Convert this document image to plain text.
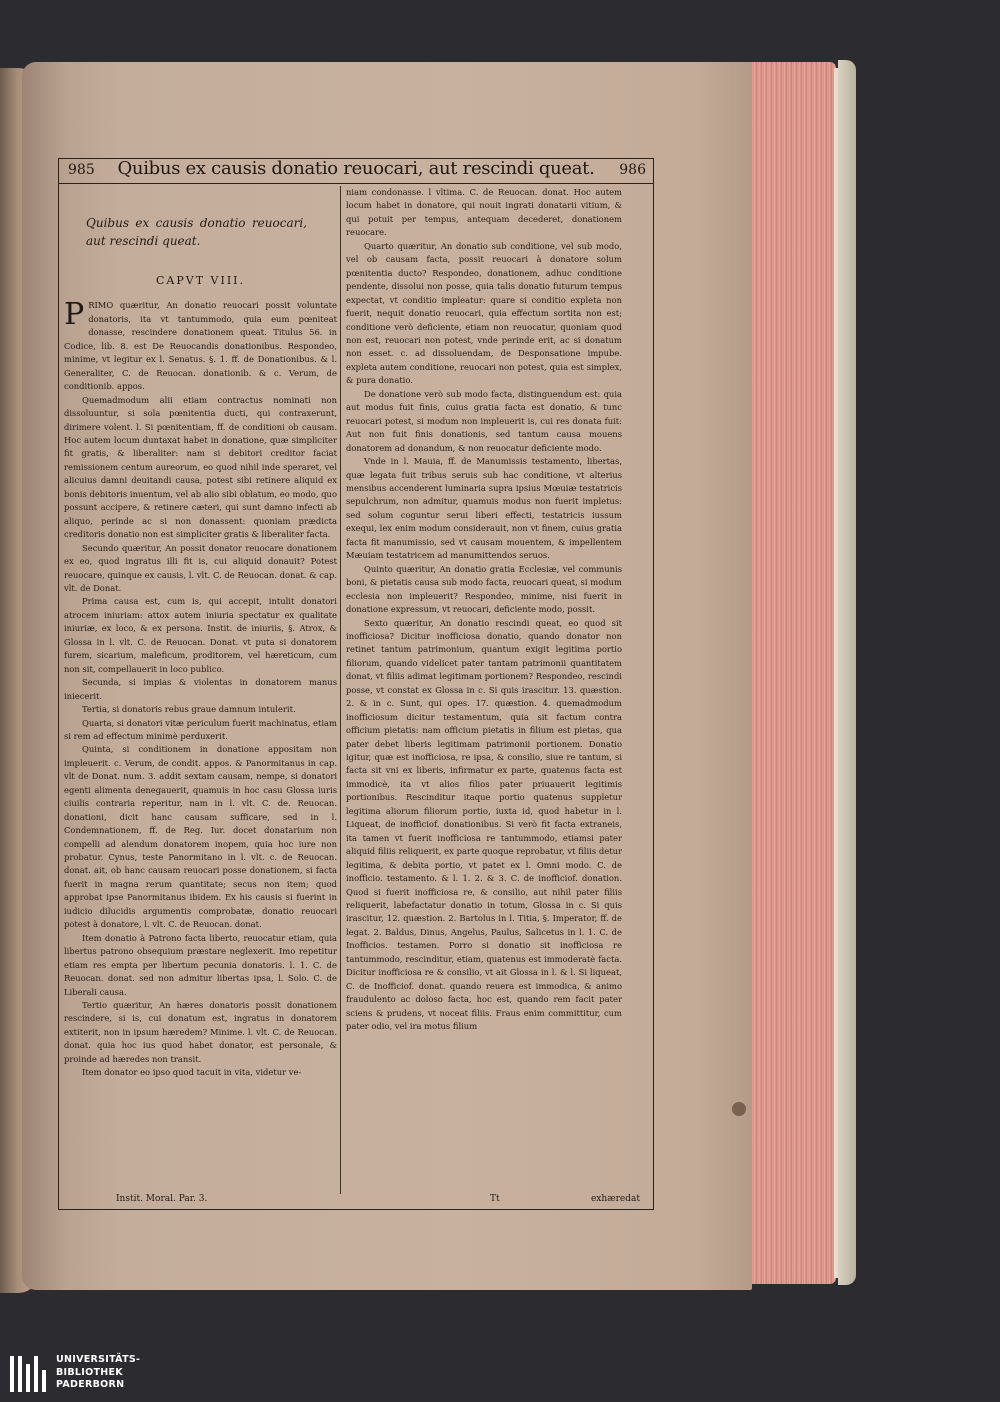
985	Quibus ex causis donatio reuocari, aut rescindi queat.	986
Quibus ex causis donatio reuocari, aut rescindi queat.
CAPVT VIII.

PRIMO quæritur, An donatio reuocari possit voluntate donatoris, ita vt tantummodo, quia eum pœniteat donasse, rescindere donationem queat. Titulus 56. in Codice, lib. 8. est De Reuocandis donationibus. Respondeo, minime, vt legitur ex l. Senatus. §. 1. ff. de Donationibus. & l. Generaliter, C. de Reuocan. donationib. & c. Verum, de conditionib. appos.

Quemadmodum alii etiam contractus nominati non dissoluuntur, si sola pœnitentia ducti, qui contraxerunt, dirimere volent. l. Si pœnitentiam, ff. de conditioni ob causam. Hoc autem locum duntaxat habet in donatione, quæ simpliciter fit gratis, & liberaliter: nam si debitori creditor faciat remissionem centum aureorum, eo quod nihil inde speraret, vel alicuius damni deuitandi causa, potest sibi retinere aliquid ex bonis debitoris inuentum, vel ab alio sibi oblatum, eo modo, quo possunt accipere, & retinere cæteri, qui sunt damno infecti ab aliquo, perinde ac si non donassent: quoniam prædicta creditoris donatio non est simpliciter gratis & liberaliter facta.

Secundo quæritur, An possit donator reuocare donationem ex eo, quod ingratus illi fit is, cui aliquid donauit? Potest reuocare, quinque ex causis, l. vlt. C. de Reuocan. donat. & cap. vlt. de Donat.

Prima causa est, cum is, qui accepit, intulit donatori atrocem iniuriam: attox autem iniuria spectatur ex qualitate iniuriæ, ex loco, & ex persona. Instit. de iniuriis, §. Atrox, & Glossa in l. vlt. C. de Reuocan. Donat. vt puta si donatorem furem, sicarium, maleficum, proditorem, vel hæreticum, cum non sit, compellauerit in loco publico.

Secunda, si impias & violentas in donatorem manus iniecerit.

Tertia, si donatoris rebus graue damnum intulerit.

Quarta, si donatori vitæ periculum fuerit machinatus, etiam si rem ad effectum minimè perduxerit.

Quinta, si conditionem in donatione appositam non impleuerit. c. Verum, de condit. appos. & Panormitanus in cap. vlt de Donat. num. 3. addit sextam causam, nempe, si donatori egenti alimenta denegauerit, quamuis in hoc casu Glossa iuris ciuilis contraria reperitur, nam in l. vlt. C. de. Reuocan. donationi, dicit hanc causam sufficare, sed in l. Condemnationem, ff. de Reg. Iur. docet donatarium non compelli ad alendum donatorem inopem, quia hoc iure non probatur. Cynus, teste Panormitano in l. vlt. c. de Reuocan. donat. ait, ob hanc causam reuocari posse donationem, si facta fuerit in magna rerum quantitate; secus non item; quod approbat ipse Panormitanus ibidem. Ex his causis si fuerint in iudicio dilucidis argumentis comprobatæ, donatio reuocari potest à donatore, l. vlt. C. de Reuocan. donat.

Item donatio à Patrono facta liberto, reuocatur etiam, quia libertus patrono obsequium præstare neglexerit. Imo repetitur etiam res empta per libertum pecunia donatoris. l. 1. C. de Reuocan. donat. sed non admitur libertas ipsa, l. Solo. C. de Liberali causa.

Tertio quæritur, An hæres donatoris possit donationem rescindere, si is, cui donatum est, ingratus in donatorem extiterit, non in ipsum hæredem? Minime. l. vlt. C. de Reuocan. donat. quia hoc ius quod habet donator, est personale, & proinde ad hæredes non transit.

Item donator eo ipso quod tacuit in vita, videtur ve-

niam condonasse. l vltima. C. de Reuocan. donat. Hoc autem locum habet in donatore, qui nouit ingrati donatarii vitium, & qui potuit per tempus, antequam decederet, donationem reuocare.

Quarto quæritur, An donatio sub conditione, vel sub modo, vel ob causam facta, possit reuocari à donatore solum pœnitentia ducto? Respondeo, donationem, adhuc conditione pendente, dissolui non posse, quia talis donatio futurum tempus expectat, vt conditio impleatur: quare si conditio expleta non fuerit, nequit donatio reuocari, quia effectum sortita non est; conditione verò deficiente, etiam non reuocatur, quoniam quod non est, reuocari non potest, vnde perinde erit, ac si donatum non esset. c. ad dissoluendam, de Desponsatione impube. expleta autem conditione, reuocari non potest, quia est simplex, & pura donatio.

De donatione verò sub modo facta, distinguendum est: quia aut modus fuit finis, cuius gratia facta est donatio, & tunc reuocari potest, si modum non impleuerit is, cui res donata fuit: Aut non fuit finis donationis, sed tantum causa mouens donatorem ad donandum, & non reuocatur deficiente modo.

Vnde in l. Mauia, ff. de Manumissis testamento, libertas, quæ legata fuit tribus seruis sub hac conditione, vt alterius mensibus accenderent luminaria supra ipsius Mœuiæ testatricis sepulchrum, non admitur, quamuis modus non fuerit impletus: sed solum coguntur serui liberi effecti, testatricis iussum exequi, lex enim modum considerauit, non vt finem, cuius gratia facta fit manumissio, sed vt causam mouentem, & impellentem Mæuiam testatricem ad manumittendos seruos.

Quinto quæritur, An donatio gratia Ecclesiæ, vel communis boni, & pietatis causa sub modo facta, reuocari queat, si modum ecclesia non impleuerit? Respondeo, minime, nisi fuerit in donatione expressum, vt reuocari, deficiente modo, possit.

Sexto quæritur, An donatio rescindi queat, eo quod sit inofficiosa? Dicitur inofficiosa donatio, quando donator non retinet tantum patrimonium, quantum exigit legitima portio filiorum, quando videlicet pater tantam patrimonii quantitatem donat, vt filiis adimat legitimam portionem? Respondeo, rescindi posse, vt constat ex Glossa in c. Si quis irascitur. 13. quæstion. 2. & in c. Sunt, qui opes. 17. quæstion. 4. quemadmodum inofficiosum dicitur testamentum, quia sit factum contra officium pietatis: nam officium pietatis in filium est pietas, qua pater debet liberis legitimam patrimonii portionem. Donatio igitur, quæ est inofficiosa, re ipsa, & consilio, siue re tantum, si facta sit vni ex liberis, infirmatur ex parte, quatenus facta est immodicè, ita vt alios filios pater priuauerit legitimis portionibus. Rescinditur itaque portio quatenus suppletur legitima aliorum filiorum portio, iuxta id, quod habetur in l. Liqueat, de inofficiof. donationibus. Si verò fit facta extraneis, ita tamen vt fuerit inofficiosa re tantummodo, etiamsi pater aliquid filiis reliquerit, ex parte quoque reprobatur, vt filiis detur legitima, & debita portio, vt patet ex l. Omni modo. C. de inofficio. testamento. & l. 1. 2. & 3. C. de inofficiof. donation. Quod si fuerit inofficiosa re, & consilio, aut nihil pater filiis reliquerit, labefactatur donatio in totum, Glossa in c. Si quis irascitur, 12. quæstion. 2. Bartolus in l. Titia, §. Imperator, ff. de legat. 2. Baldus, Dinus, Angelus, Paulus, Salicetus in l. 1. C. de Inofficios. testamen. Porro si donatio sit inofficiosa re tantummodo, rescinditur, etiam, quatenus est immoderatè facta. Dicitur inofficiosa re & consilio, vt ait Glossa in l. & l. Si liqueat, C. de Inofficiof. donat. quando reuera est immodica, & animo fraudulento ac doloso facta, hoc est, quando rem facit pater sciens & prudens, vt noceat filiis. Fraus enim committitur, cum pater odio, vel ira motus filium

Instit. Moral. Par. 3.	Tt	exhæredat
UNIVERSITÄTS-
BIBLIOTHEK
PADERBORN
